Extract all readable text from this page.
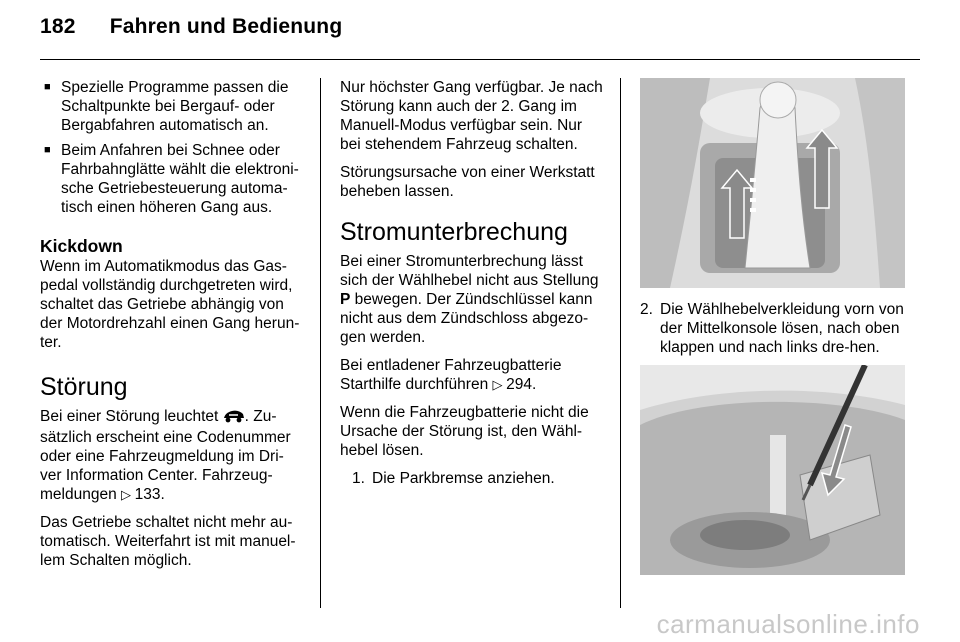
182 Fahren und Bedienung
■ Spezielle Programme passen die Schaltpunkte bei Bergauf- oder Bergabfahren automatisch an.
■ Beim Anfahren bei Schnee oder Fahrbahnglätte wählt die elektroni-sche Getriebesteuerung automa-tisch einen höheren Gang aus.
Kickdown

Wenn im Automatikmodus das Gas-pedal vollständig durchgetreten wird, schaltet das Getriebe abhängig von der Motordrehzahl einen Gang herun-ter.

Störung

Bei einer Störung leuchtet . Zu-sätzlich erscheint eine Codenummer oder eine Fahrzeugmeldung im Dri-ver Information Center. Fahrzeug-meldungen ▷ 133.

Das Getriebe schaltet nicht mehr au-tomatisch. Weiterfahrt ist mit manuel-lem Schalten möglich.

Nur höchster Gang verfügbar. Je nach Störung kann auch der 2. Gang im Manuell-Modus verfügbar sein. Nur bei stehendem Fahrzeug schalten.

Störungsursache von einer Werkstatt beheben lassen.

Stromunterbrechung

Bei einer Stromunterbrechung lässt sich der Wählhebel nicht aus Stellung P bewegen. Der Zündschlüssel kann nicht aus dem Zündschloss abgezo-gen werden.

Bei entladener Fahrzeugbatterie Starthilfe durchführen ▷ 294.

Wenn die Fahrzeugbatterie nicht die Ursache der Störung ist, den Wähl-hebel lösen.

1. Die Parkbremse anziehen.
2. Die Wählhebelverkleidung vorn von der Mittelkonsole lösen, nach oben klappen und nach links dre-hen.
carmanualsonline.info
